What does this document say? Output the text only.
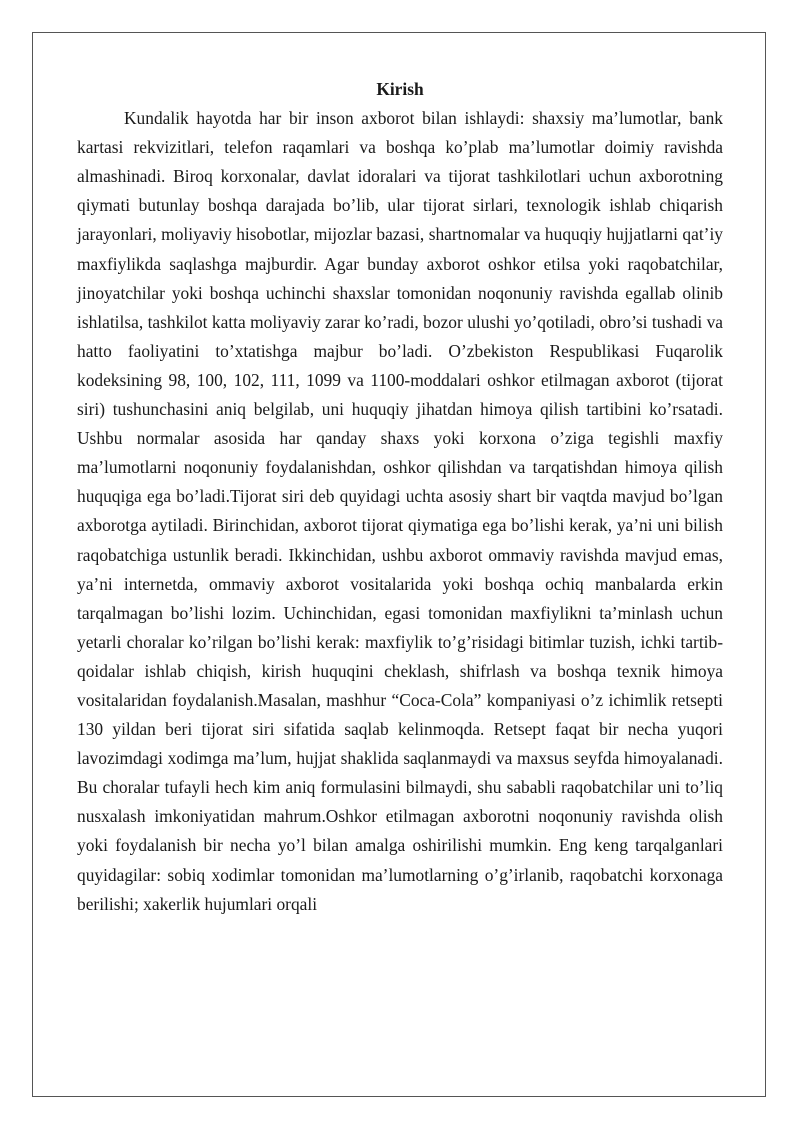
Kirish

Kundalik hayotda har bir inson axborot bilan ishlaydi: shaxsiy ma’lumotlar, bank kartasi rekvizitlari, telefon raqamlari va boshqa ko’plab ma’lumotlar doimiy ravishda almashinadi. Biroq korxonalar, davlat idoralari va tijorat tashkilotlari uchun axborotning qiymati butunlay boshqa darajada bo’lib, ular tijorat sirlari, texnologik ishlab chiqarish jarayonlari, moliyaviy hisobotlar, mijozlar bazasi, shartnomalar va huquqiy hujjatlarni qat’iy maxfiylikda saqlashga majburdir. Agar bunday axborot oshkor etilsa yoki raqobatchilar, jinoyatchilar yoki boshqa uchinchi shaxslar tomonidan noqonuniy ravishda egallab olinib ishlatilsa, tashkilot katta moliyaviy zarar ko’radi, bozor ulushi yo’qotiladi, obro’si tushadi va hatto faoliyatini to’xtatishga majbur bo’ladi. O’zbekiston Respublikasi Fuqarolik kodeksining 98, 100, 102, 111, 1099 va 1100-moddalari oshkor etilmagan axborot (tijorat siri) tushunchasini aniq belgilab, uni huquqiy jihatdan himoya qilish tartibini ko’rsatadi. Ushbu normalar asosida har qanday shaxs yoki korxona o’ziga tegishli maxfiy ma’lumotlarni noqonuniy foydalanishdan, oshkor qilishdan va tarqatishdan himoya qilish huquqiga ega bo’ladi.Tijorat siri deb quyidagi uchta asosiy shart bir vaqtda mavjud bo’lgan axborotga aytiladi. Birinchidan, axborot tijorat qiymatiga ega bo’lishi kerak, ya’ni uni bilish raqobatchiga ustunlik beradi. Ikkinchidan, ushbu axborot ommaviy ravishda mavjud emas, ya’ni internetda, ommaviy axborot vositalarida yoki boshqa ochiq manbalarda erkin tarqalmagan bo’lishi lozim. Uchinchidan, egasi tomonidan maxfiylikni ta’minlash uchun yetarli choralar ko’rilgan bo’lishi kerak: maxfiylik to’g’risidagi bitimlar tuzish, ichki tartib-qoidalar ishlab chiqish, kirish huquqini cheklash, shifrlash va boshqa texnik himoya vositalaridan foydalanish.Masalan, mashhur “Coca-Cola” kompaniyasi o’z ichimlik retsepti 130 yildan beri tijorat siri sifatida saqlab kelinmoqda. Retsept faqat bir necha yuqori lavozimdagi xodimga ma’lum, hujjat shaklida saqlanmaydi va maxsus seyfda himoyalanadi. Bu choralar tufayli hech kim aniq formulasini bilmaydi, shu sababli raqobatchilar uni to’liq nusxalash imkoniyatidan mahrum.Oshkor etilmagan axborotni noqonuniy ravishda olish yoki foydalanish bir necha yo’l bilan amalga oshirilishi mumkin. Eng keng tarqalganlari quyidagilar: sobiq xodimlar tomonidan ma’lumotlarning o’g’irlanib, raqobatchi korxonaga berilishi; xakerlik hujumlari orqali
